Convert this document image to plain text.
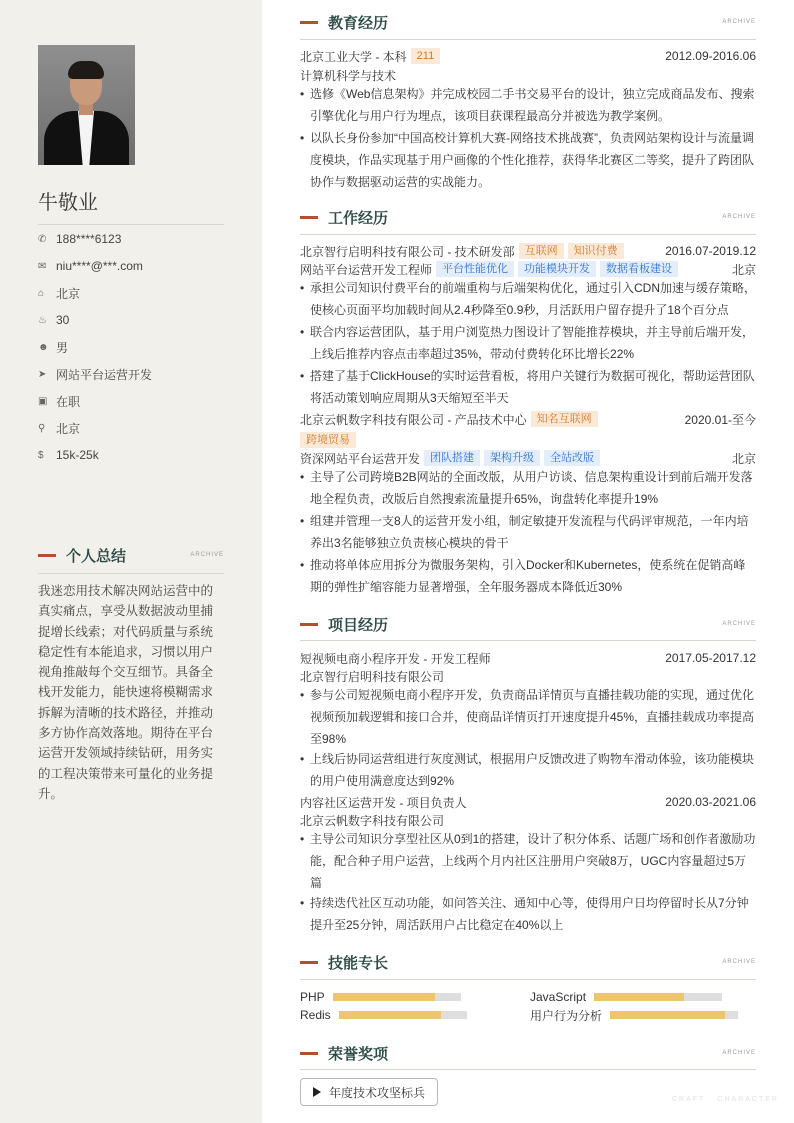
牛敬业
✆ 188****6123
✉ niu****@***.com
⌂ 北京
♨ 30
☻ 男
➤ 网站平台运营开发
▣ 在职
⚲ 北京
$	15k-25k
个人总结	ARCHIVE
我迷恋用技术解决网站运营中的真实痛点，享受从数据波动里捕捉增长线索；对代码质量与系统稳定性有本能追求，习惯以用户视角推敲每个交互细节。具备全栈开发能力，能快速将模糊需求拆解为清晰的技术路径，并推动多方协作高效落地。期待在平台运营开发领域持续钻研，用务实的工程决策带来可量化的业务提升。
教育经历	ARCHIVE
北京工业大学 - 本科 211	2012.09-2016.06
计算机科学与技术
• 选修《Web信息架构》并完成校园二手书交易平台的设计，独立完成商品发布、搜索引擎优化与用户行为埋点，该项目获课程最高分并被选为教学案例。
• 以队长身份参加“中国高校计算机大赛-网络技术挑战赛”，负责网站架构设计与流量调度模块，作品实现基于用户画像的个性化推荐，获得华北赛区二等奖，提升了跨团队协作与数据驱动运营的实战能力。
工作经历	ARCHIVE
北京智行启明科技有限公司 - 技术研发部 互联网	知识付费	2016.07-2019.12
网站平台运营开发工程师 平台性能优化	功能模块开发	数据看板建设	北京
• 承担公司知识付费平台的前端重构与后端架构优化，通过引入CDN加速与缓存策略，使核心页面平均加载时间从2.4秒降至0.9秒，月活跃用户留存提升了18个百分点
• 联合内容运营团队，基于用户浏览热力图设计了智能推荐模块，并主导前后端开发，上线后推荐内容点击率超过35%，带动付费转化环比增长22%
• 搭建了基于ClickHouse的实时运营看板，将用户关键行为数据可视化，帮助运营团队将活动策划响应周期从3天缩短至半天
北京云帆数字科技有限公司 - 产品技术中心 知名互联网	2020.01-至今
跨境贸易
资深网站平台运营开发 团队搭建	架构升级	全站改版	北京
• 主导了公司跨境B2B网站的全面改版，从用户访谈、信息架构重设计到前后端开发落地全程负责，改版后自然搜索流量提升65%，询盘转化率提升19%
• 组建并管理一支8人的运营开发小组，制定敏捷开发流程与代码评审规范，一年内培养出3名能够独立负责核心模块的骨干
• 推动将单体应用拆分为微服务架构，引入Docker和Kubernetes，使系统在促销高峰期的弹性扩缩容能力显著增强，全年服务器成本降低近30%
项目经历	ARCHIVE
短视频电商小程序开发 - 开发工程师	2017.05-2017.12
北京智行启明科技有限公司
• 参与公司短视频电商小程序开发，负责商品详情页与直播挂载功能的实现，通过优化视频预加载逻辑和接口合并，使商品详情页打开速度提升45%，直播挂载成功率提高至98%
• 上线后协同运营组进行灰度测试，根据用户反馈改进了购物车滑动体验，该功能模块的用户使用满意度达到92%
内容社区运营开发 - 项目负责人	2020.03-2021.06
北京云帆数字科技有限公司
• 主导公司知识分享型社区从0到1的搭建，设计了积分体系、话题广场和创作者激励功能，配合种子用户运营，上线两个月内社区注册用户突破8万，UGC内容量超过5万篇
• 持续迭代社区互动功能，如问答关注、通知中心等，使得用户日均停留时长从7分钟提升至25分钟，周活跃用户占比稳定在40%以上
技能专长	ARCHIVE
PHP	JavaScript
Redis	用户行为分析
荣誉奖项	ARCHIVE
年度技术攻坚标兵	CRAFT · CHARACTER
